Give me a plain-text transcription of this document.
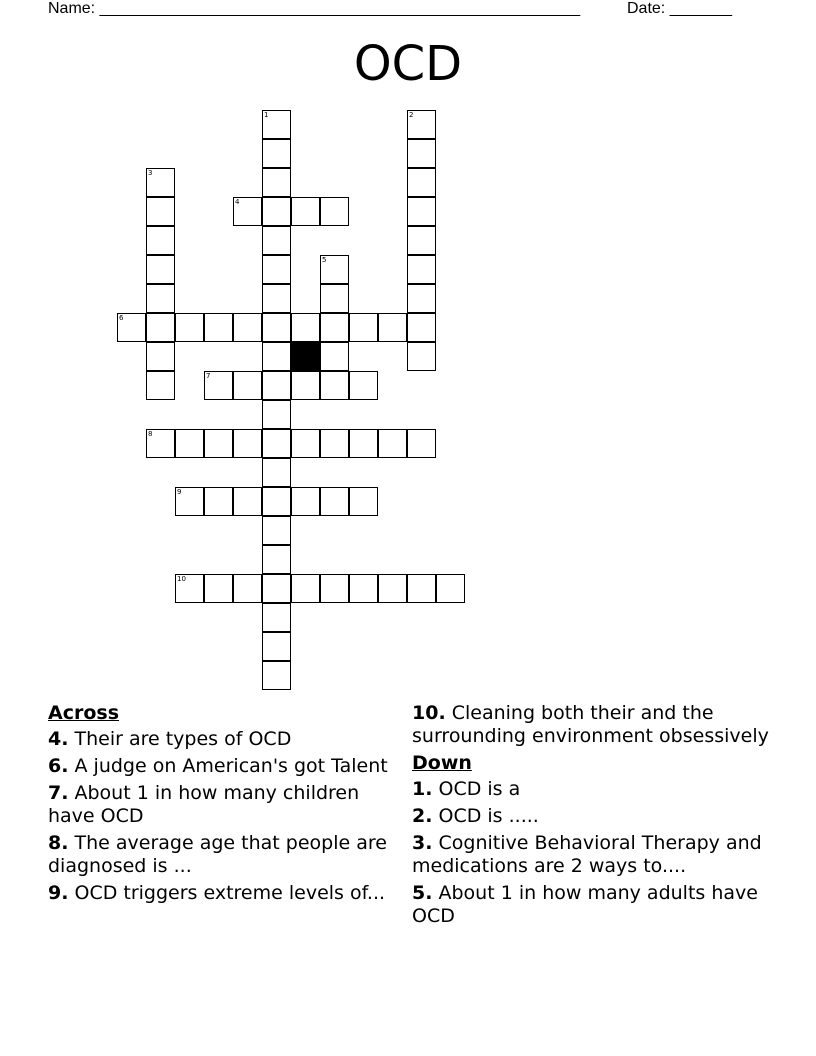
Name: ______________________________________________________	Date: _______
OCD
1	2
3
4
5
6
7
8
9
10
Across
4. Their are types of OCD
6. A judge on American's got Talent
7. About 1 in how many children have OCD
8. The average age that people are diagnosed is ...
9. OCD triggers extreme levels of...
10. Cleaning both their and the surrounding environment obsessively
Down
1. OCD is a
2. OCD is .....
3. Cognitive Behavioral Therapy and medications are 2 ways to....
5. About 1 in how many adults have OCD
